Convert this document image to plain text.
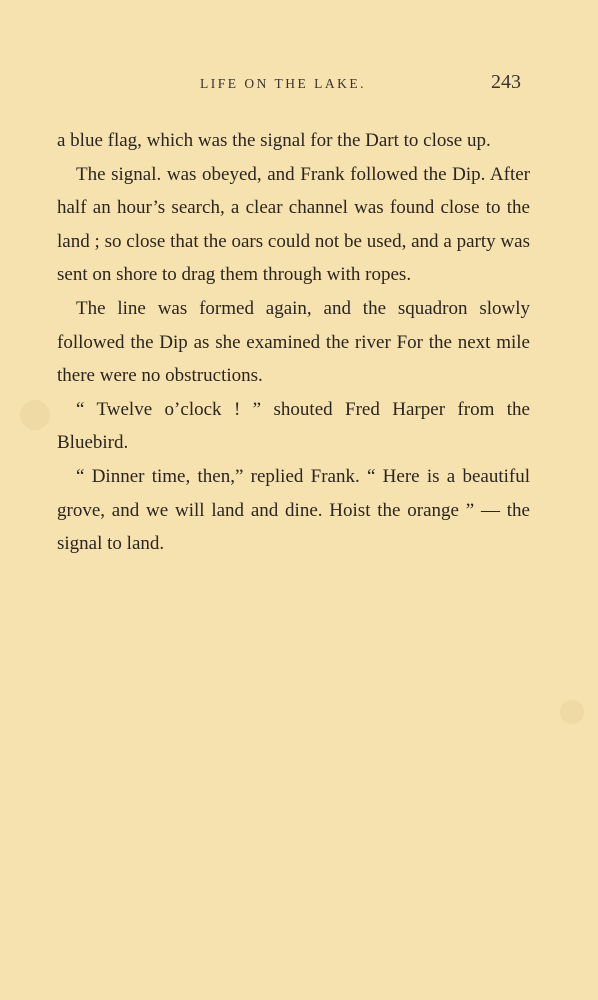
LIFE ON THE LAKE.	243

a blue flag, which was the signal for the Dart to close up.

The signal. was obeyed, and Frank followed the Dip. After half an hour’s search, a clear channel was found close to the land ; so close that the oars could not be used, and a party was sent on shore to drag them through with ropes.

The line was formed again, and the squadron slowly followed the Dip as she examined the river For the next mile there were no obstructions.

“ Twelve o’clock ! ” shouted Fred Harper from the Bluebird.

“ Dinner time, then,” replied Frank. “ Here is a beautiful grove, and we will land and dine. Hoist the orange ” — the signal to land.
